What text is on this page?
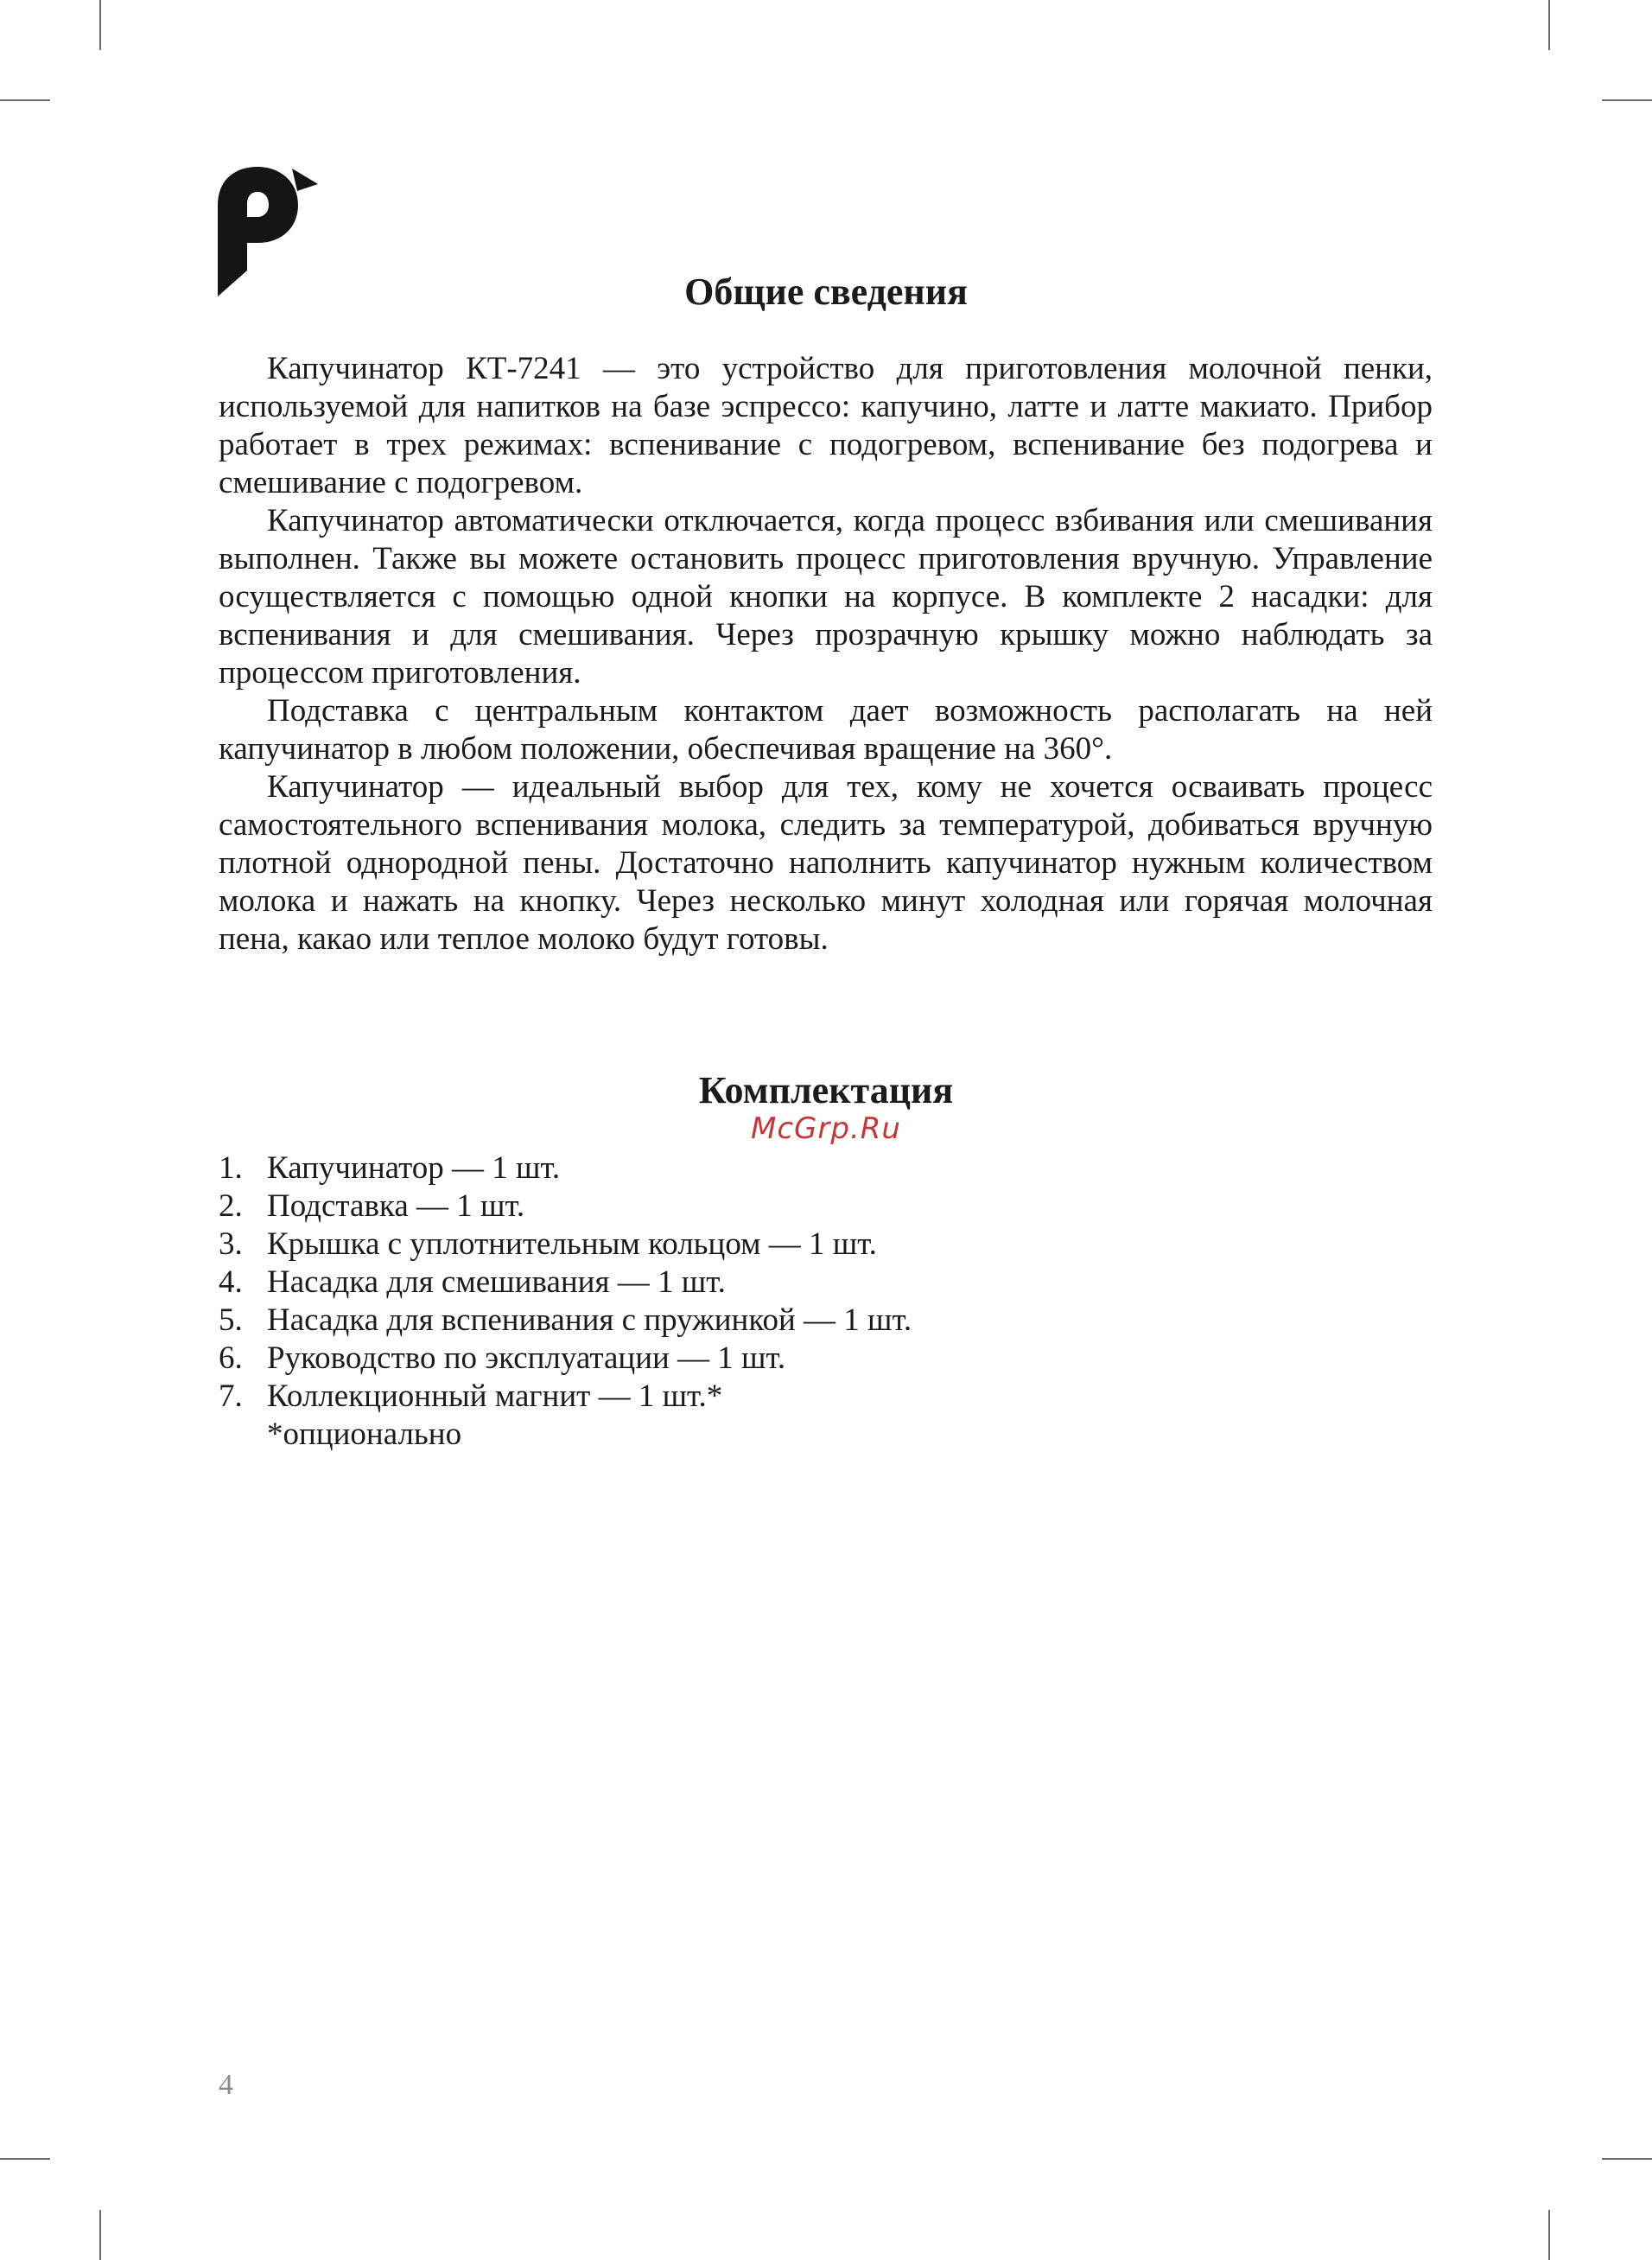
Общие сведения

Капучинатор КТ-7241 — это устройство для приготовления молочной пенки, используемой для напитков на базе эспрессо: капучино, латте и латте макиато. Прибор работает в трех режимах: вспенивание с подогревом, вспенивание без подогрева и смешивание с подогревом.

Капучинатор автоматически отключается, когда процесс взбивания или смешивания выполнен. Также вы можете остановить процесс приготовления вручную. Управление осуществляется с помощью одной кнопки на корпусе. В комплекте 2 насадки: для вспенивания и для смешивания. Через прозрачную крышку можно наблюдать за процессом приготовления.

Подставка с центральным контактом дает возможность располагать на ней капучинатор в любом положении, обеспечивая вращение на 360°.

Капучинатор — идеальный выбор для тех, кому не хочется осваивать процесс самостоятельного вспенивания молока, следить за температурой, добиваться вручную плотной однородной пены. Достаточно наполнить капучинатор нужным количеством молока и нажать на кнопку. Через несколько минут холодная или горячая молочная пена, какао или теплое молоко будут готовы.

Комплектация
McGrp.Ru
1. Капучинатор — 1 шт.
2. Подставка — 1 шт.
3. Крышка с уплотнительным кольцом — 1 шт.
4. Насадка для смешивания — 1 шт.
5. Насадка для вспенивания с пружинкой — 1 шт.
6. Руководство по эксплуатации — 1 шт.
7. Коллекционный магнит — 1 шт.*
*опционально
4
